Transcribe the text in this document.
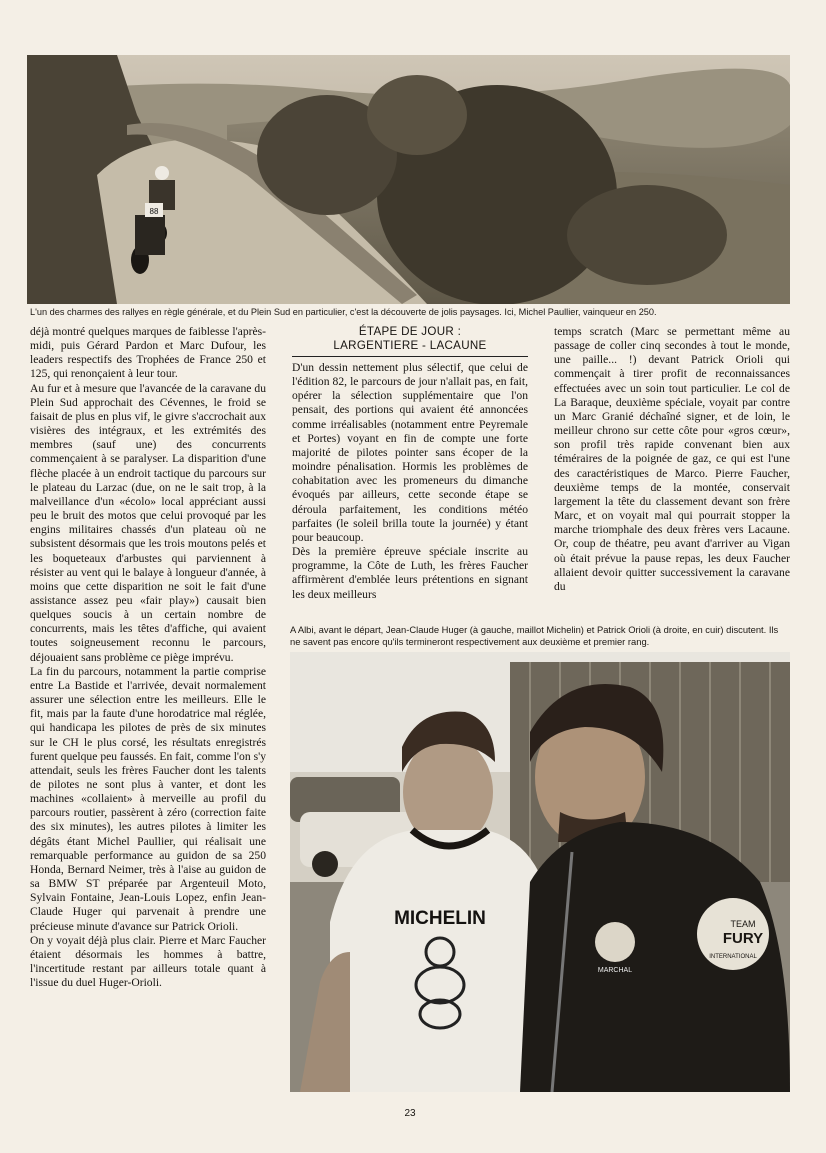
88

L'un des charmes des rallyes en règle générale, et du Plein Sud en particulier, c'est la découverte de jolis paysages. Ici, Michel Paullier, vainqueur en 250.

déjà montré quelques marques de faiblesse l'après-midi, puis Gérard Pardon et Marc Dufour, les leaders respectifs des Trophées de France 250 et 125, qui renonçaient à leur tour.

Au fur et à mesure que l'avancée de la caravane du Plein Sud approchait des Cévennes, le froid se faisait de plus en plus vif, le givre s'accrochait aux visières des intégraux, et les extrémités des membres (sauf une) des concurrents commençaient à se paralyser. La disparition d'une flèche placée à un endroit tactique du parcours sur le plateau du Larzac (due, on ne le sait trop, à la malveillance d'un «écolo» local appréciant aussi peu le bruit des motos que celui provoqué par les engins militaires chassés d'un plateau où ne subsistent désormais que les trois moutons pelés et les boqueteaux d'arbustes qui parviennent à résister au vent qui le balaye à longueur d'année, à moins que cette disparition ne soit le fait d'une assistance assez peu «fair play») causait bien quelques soucis à un certain nombre de concurrents, mais les têtes d'affiche, qui avaient toutes soigneusement reconnu le parcours, déjouaient sans problème ce piège imprévu.

La fin du parcours, notamment la partie comprise entre La Bastide et l'arrivée, devait normalement assurer une sélection entre les meilleurs. Elle le fit, mais par la faute d'une horodatrice mal réglée, qui handicapa les pilotes de près de six minutes sur le CH le plus corsé, les résultats enregistrés furent quelque peu faussés. En fait, comme l'on s'y attendait, seuls les frères Faucher dont les talents de pilotes ne sont plus à vanter, et dont les machines «collaient» à merveille au profil du parcours routier, passèrent à zéro (correction faite des six minutes), les autres pilotes à limiter les dégâts étant Michel Paullier, qui réalisait une remarquable performance au guidon de sa 250 Honda, Bernard Neimer, très à l'aise au guidon de sa BMW ST préparée par Argenteuil Moto, Sylvain Fontaine, Jean-Louis Lopez, enfin Jean-Claude Huger qui parvenait à prendre une précieuse minute d'avance sur Patrick Orioli.

On y voyait déjà plus clair. Pierre et Marc Faucher étaient désormais les hommes à battre, l'incertitude restant par ailleurs totale quant à l'issue du duel Huger-Orioli.

ÉTAPE DE JOUR :
LARGENTIERE - LACAUNE

D'un dessin nettement plus sélectif, que celui de l'édition 82, le parcours de jour n'allait pas, en fait, opérer la sélection supplémentaire que l'on pensait, des portions qui avaient été annoncées comme irréalisables (notamment entre Peyremale et Portes) voyant en fin de compte une forte majorité de pilotes pointer sans écoper de la moindre pénalisation. Hormis les problèmes de cohabitation avec les promeneurs du dimanche évoqués par ailleurs, cette seconde étape se déroula parfaitement, les conditions météo parfaites (le soleil brilla toute la journée) y étant pour beaucoup.

Dès la première épreuve spéciale inscrite au programme, la Côte de Luth, les frères Faucher affirmèrent d'emblée leurs prétentions en signant les deux meilleurs

temps scratch (Marc se permettant même au passage de coller cinq secondes à tout le monde, une paille... !) devant Patrick Orioli qui commençait à tirer profit de reconnaissances effectuées avec un soin tout particulier. Le col de La Baraque, deuxième spéciale, voyait par contre un Marc Granié déchaîné signer, et de loin, le meilleur chrono sur cette côte pour «gros cœur», son profil très rapide convenant bien aux téméraires de la poignée de gaz, ce qui est l'une des caractéristiques de Marco. Pierre Faucher, deuxième temps de la montée, conservait largement la tête du classement devant son frère Marc, et on voyait mal qui pourrait stopper la marche triomphale des deux frères vers Lacaune. Or, coup de théatre, peu avant d'arriver au Vigan où était prévue la pause repas, les deux Faucher allaient devoir quitter successivement la caravane du

A Albi, avant le départ, Jean-Claude Huger (à gauche, maillot Michelin) et Patrick Orioli (à droite, en cuir) discutent. Ils ne savent pas encore qu'ils termineront respectivement aux deuxième et premier rang.

MICHELIN
MARCHAL
TEAM
FURY
INTERNATIONAL
23
